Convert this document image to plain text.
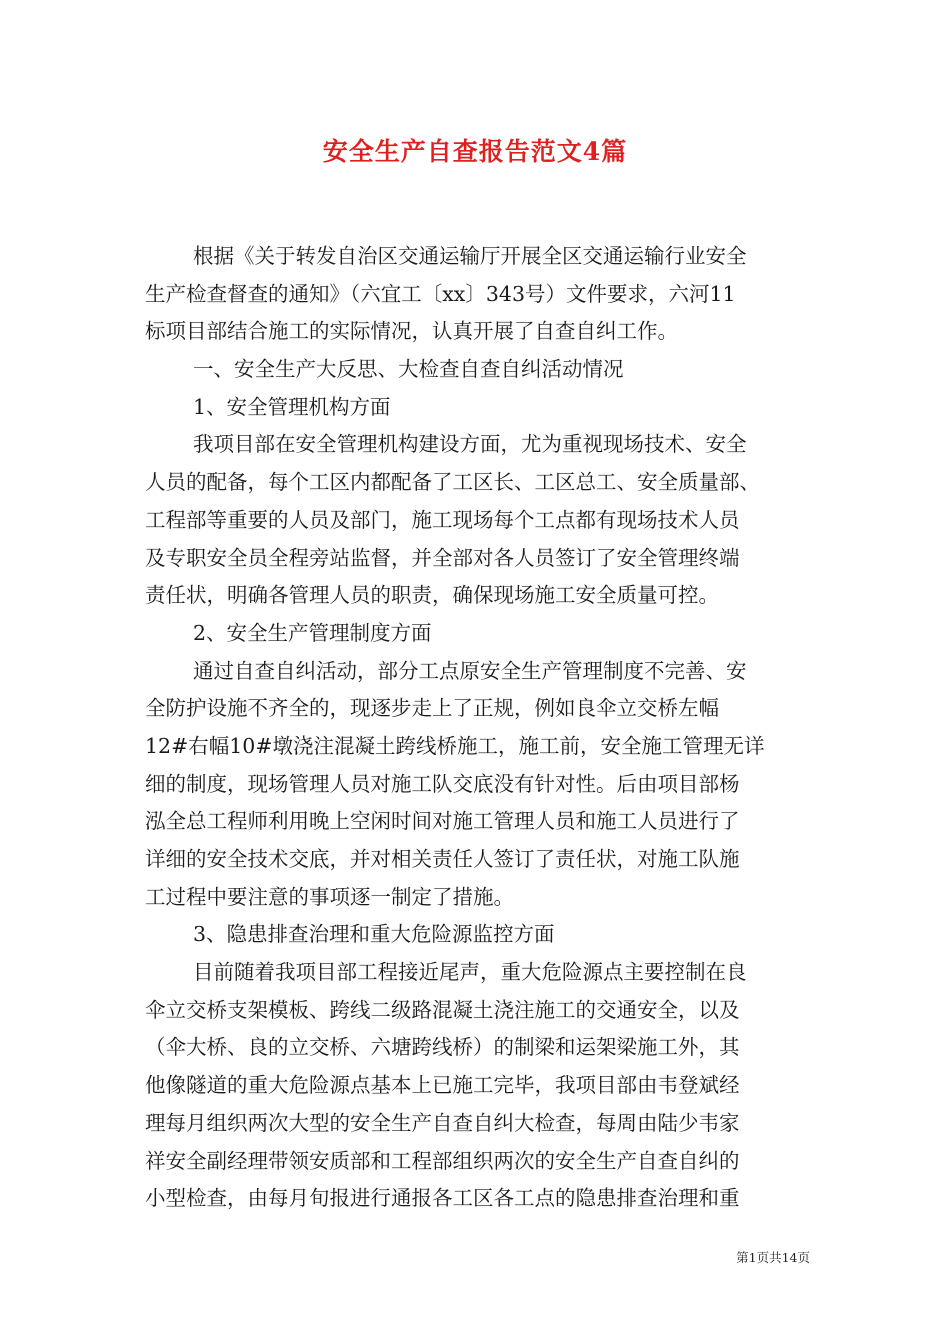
安全生产自查报告范文4篇
根据《关于转发自治区交通运输厅开展全区交通运输行业安全
生产检查督查的通知》（六宜工〔xx〕343号）文件要求，六河11
标项目部结合施工的实际情况，认真开展了自查自纠工作。
一、安全生产大反思、大检查自查自纠活动情况
1、安全管理机构方面
我项目部在安全管理机构建设方面，尤为重视现场技术、安全
人员的配备，每个工区内都配备了工区长、工区总工、安全质量部、
工程部等重要的人员及部门，施工现场每个工点都有现场技术人员
及专职安全员全程旁站监督，并全部对各人员签订了安全管理终端
责任状，明确各管理人员的职责，确保现场施工安全质量可控。
2、安全生产管理制度方面
通过自查自纠活动，部分工点原安全生产管理制度不完善、安
全防护设施不齐全的，现逐步走上了正规，例如良伞立交桥左幅
12#右幅10#墩浇注混凝土跨线桥施工，施工前，安全施工管理无详
细的制度，现场管理人员对施工队交底没有针对性。后由项目部杨
泓全总工程师利用晚上空闲时间对施工管理人员和施工人员进行了
详细的安全技术交底，并对相关责任人签订了责任状，对施工队施
工过程中要注意的事项逐一制定了措施。
3、隐患排查治理和重大危险源监控方面
目前随着我项目部工程接近尾声，重大危险源点主要控制在良
伞立交桥支架模板、跨线二级路混凝土浇注施工的交通安全，以及
（伞大桥、良的立交桥、六塘跨线桥）的制梁和运架梁施工外，其
他像隧道的重大危险源点基本上已施工完毕，我项目部由韦登斌经
理每月组织两次大型的安全生产自查自纠大检查，每周由陆少韦家
祥安全副经理带领安质部和工程部组织两次的安全生产自查自纠的
小型检查，由每月旬报进行通报各工区各工点的隐患排查治理和重
第1页共14页
